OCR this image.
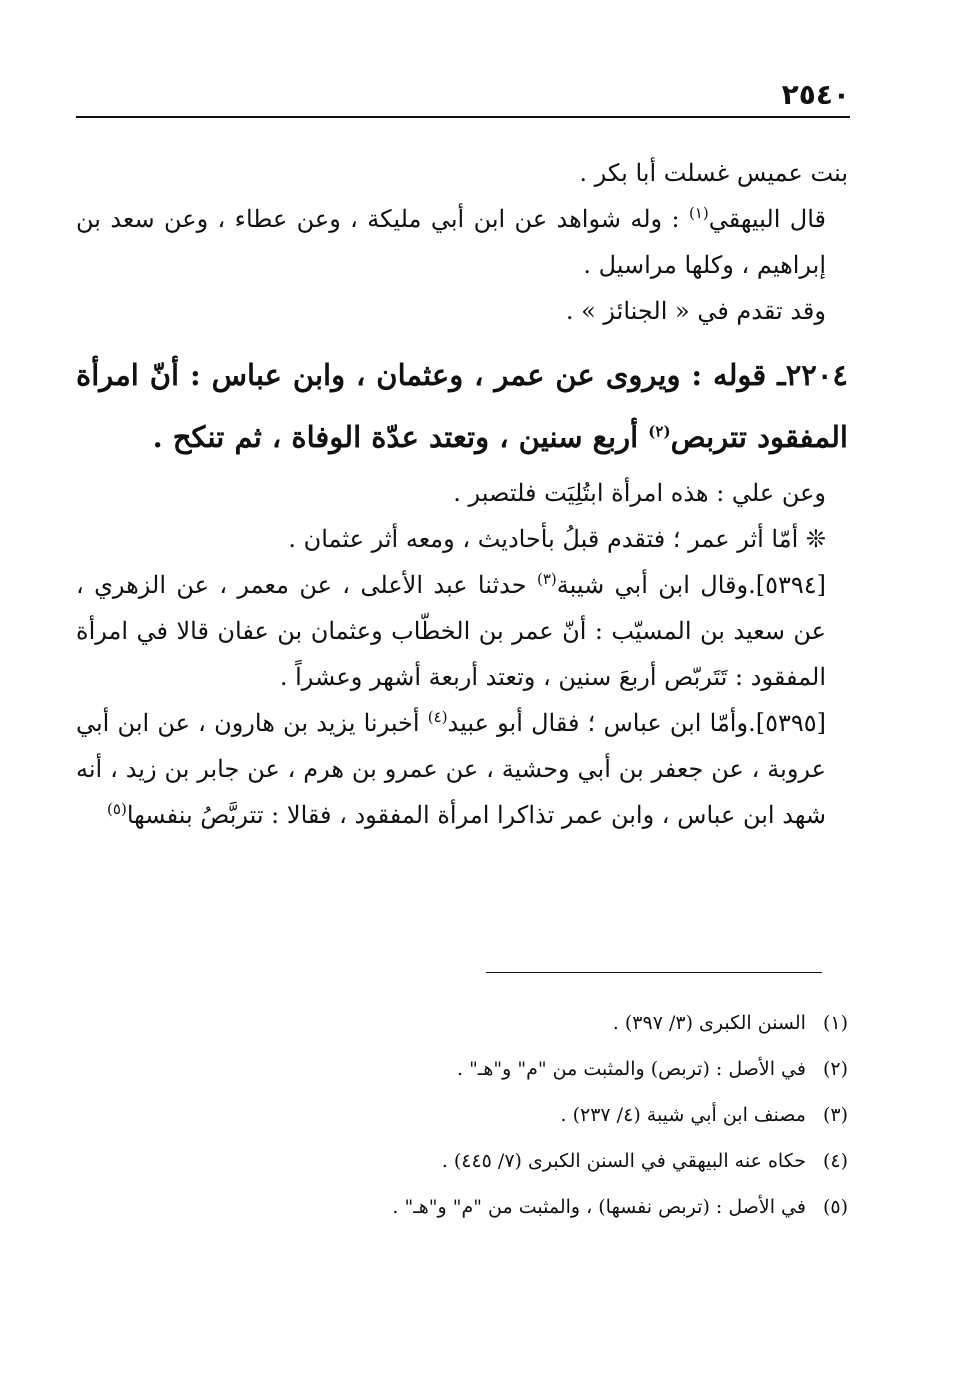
٢٥٤٠

بنت عميس غسلت أبا بكر .

قال البيهقي$^{(١)}$ : وله شواهد عن ابن أبي مليكة ، وعن عطاء ، وعن سعد بن إبراهيم ، وكلها مراسيل .

وقد تقدم في « الجنائز » .

٢٢٠٤ـ قوله : ويروى عن عمر ، وعثمان ، وابن عباس : أنّ امرأة المفقود تتربص$^{(٢)}$ أربع سنين ، وتعتد عدّة الوفاة ، ثم تنكح .

وعن علي : هذه امرأة ابتُلِيَت فلتصبر .

❊ أمّا أثر عمر ؛ فتقدم قبلُ بأحاديث ، ومعه أثر عثمان .

[٥٣٩٤].وقال ابن أبي شيبة$^{(٣)}$ حدثنا عبد الأعلى ، عن معمر ، عن الزهري ، عن سعيد بن المسيّب : أنّ عمر بن الخطّاب وعثمان بن عفان قالا في امرأة المفقود : تَتَربّص أربعَ سنين ، وتعتد أربعة أشهر وعشراً .

[٥٣٩٥].وأمّا ابن عباس ؛ فقال أبو عبيد$^{(٤)}$ أخبرنا يزيد بن هارون ، عن ابن أبي عروبة ، عن جعفر بن أبي وحشية ، عن عمرو بن هرم ، عن جابر بن زيد ، أنه شهد ابن عباس ، وابن عمر تذاكرا امرأة المفقود ، فقالا : تتربَّصُ بنفسها$^{(٥)}$

(١) السنن الكبرى (٣/ ٣٩٧) .

(٢) في الأصل : (تربص) والمثبت من "م" و"هـ" .

(٣) مصنف ابن أبي شيبة (٤/ ٢٣٧) .

(٤) حكاه عنه البيهقي في السنن الكبرى (٧/ ٤٤٥) .

(٥) في الأصل : (تربص نفسها) ، والمثبت من "م" و"هـ" .
